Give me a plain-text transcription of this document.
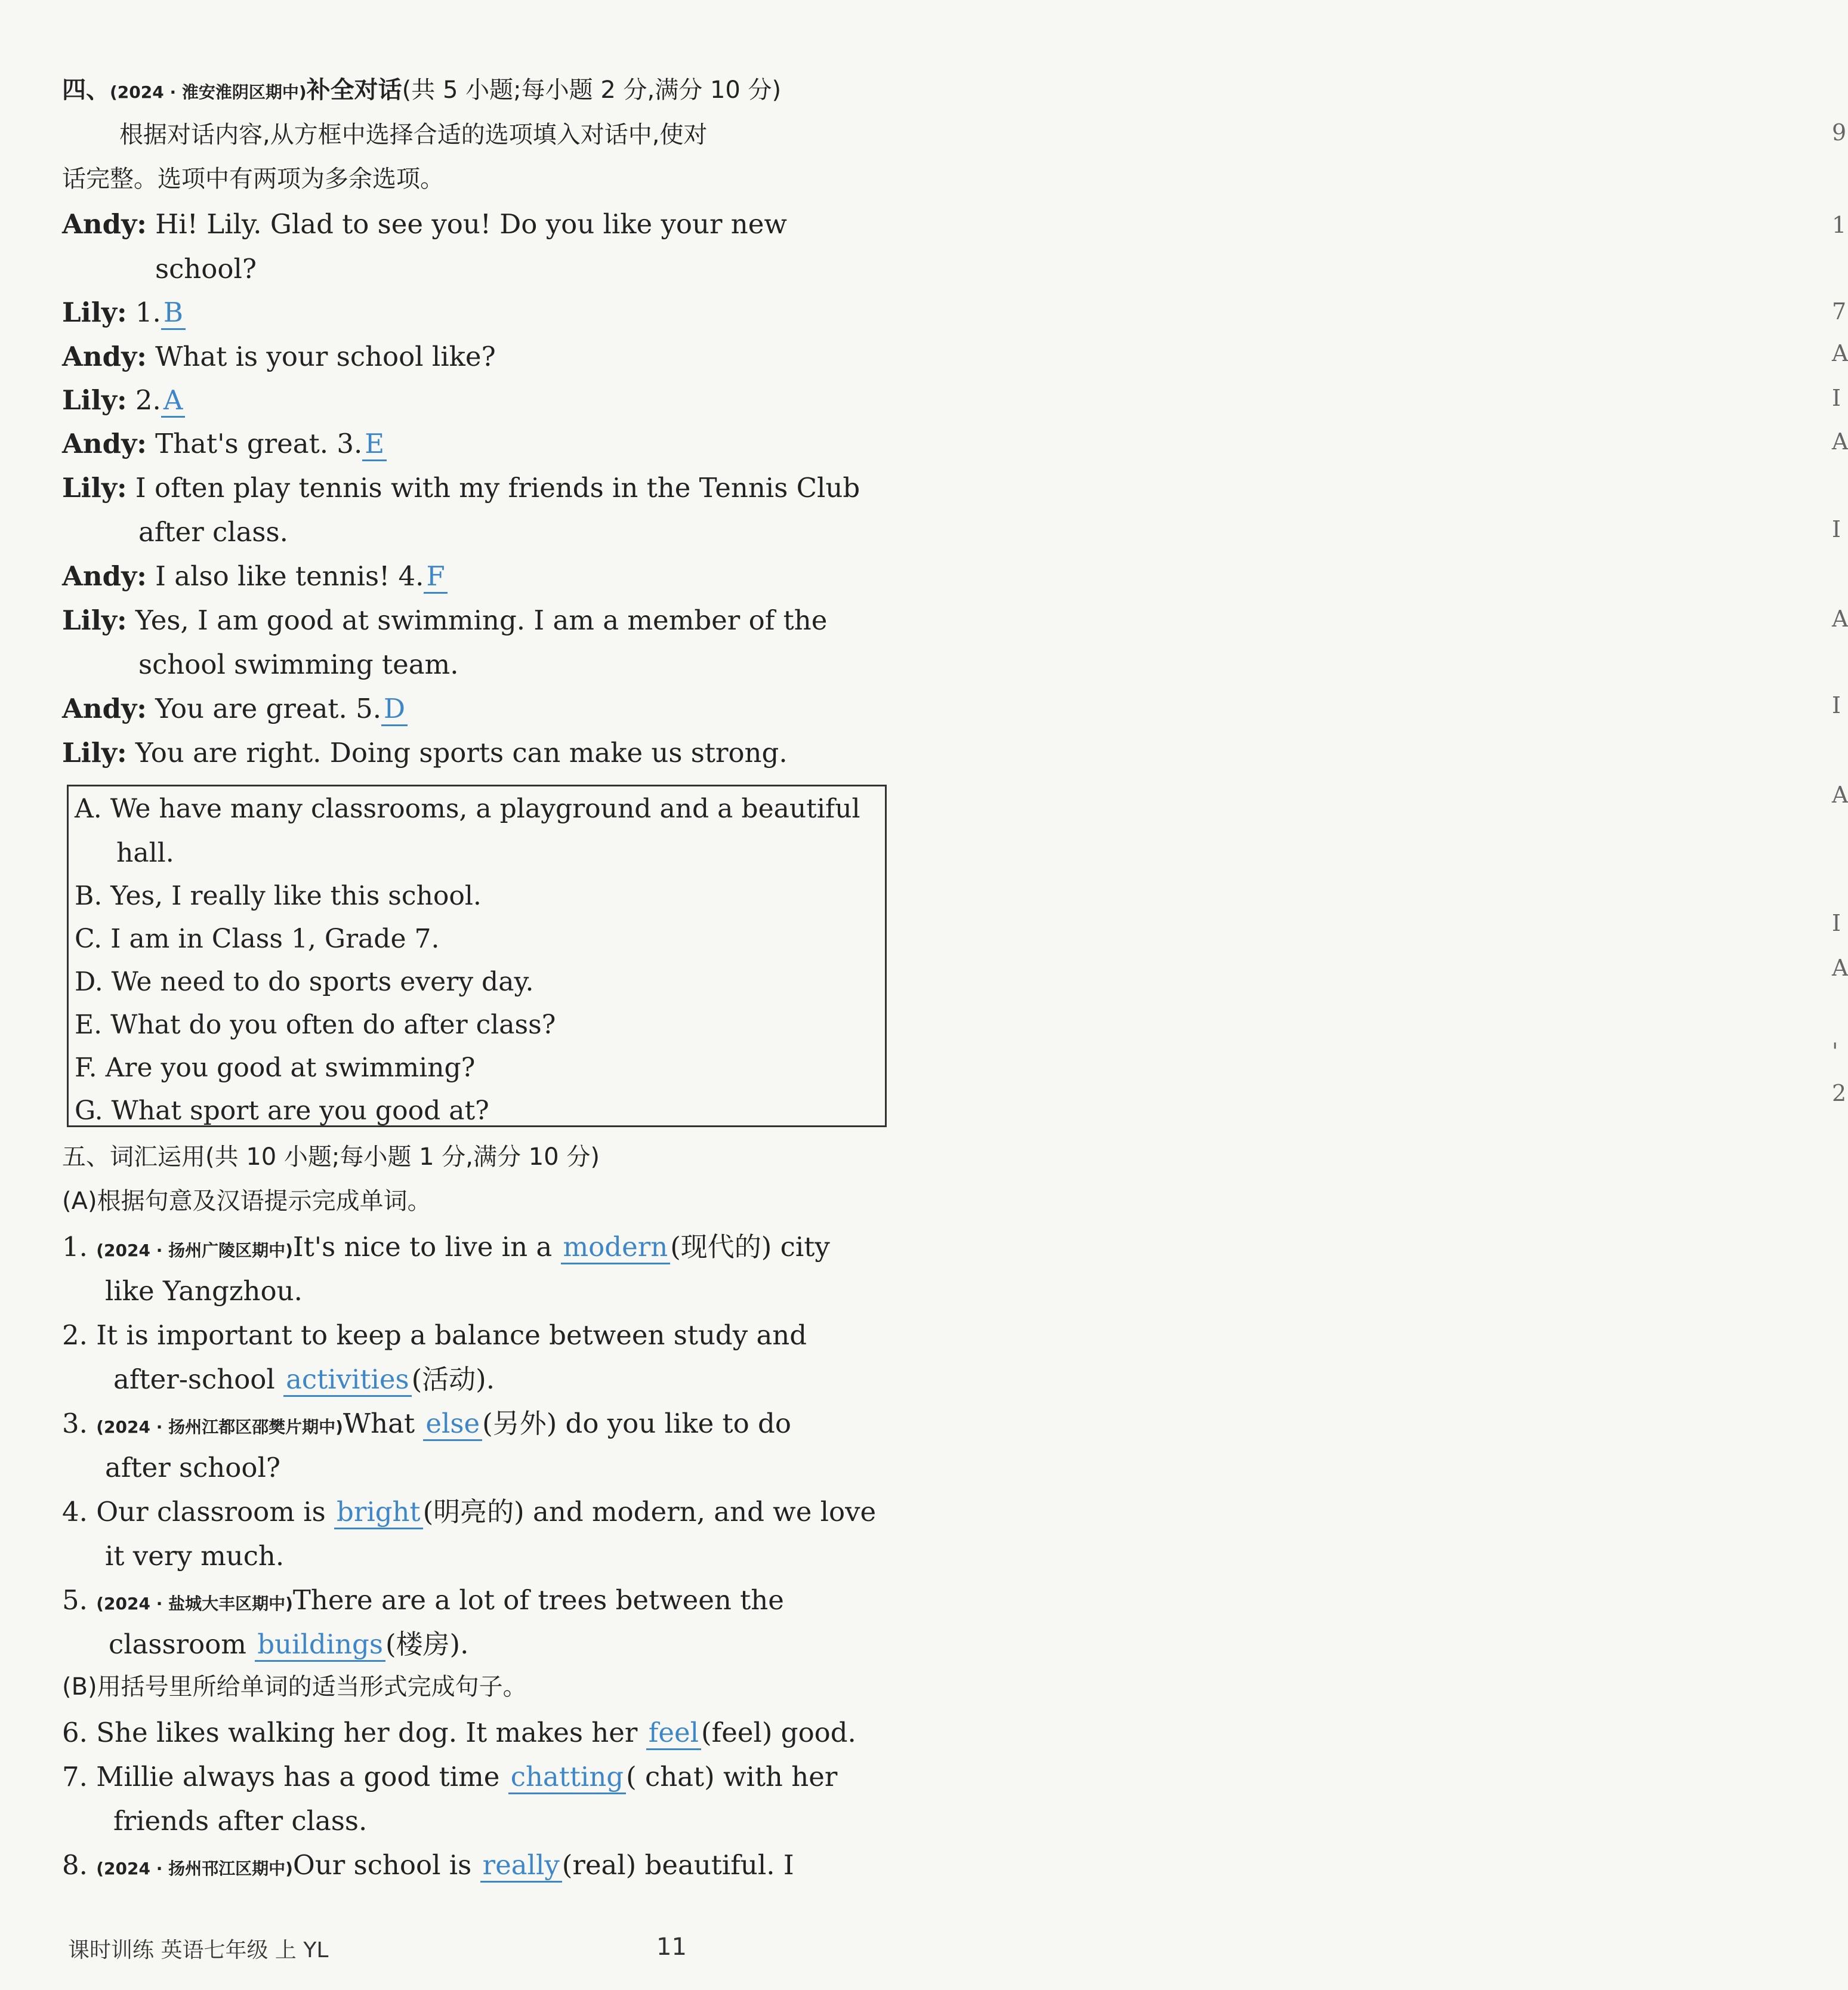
四、(2024 · 淮安淮阴区期中)补全对话(共 5 小题;每小题 2 分,满分 10 分)
根据对话内容,从方框中选择合适的选项填入对话中,使对
话完整。选项中有两项为多余选项。
Andy: Hi! Lily. Glad to see you! Do you like your new
school?
Lily: 1.B
Andy: What is your school like?
Lily: 2.A
Andy: That's great. 3.E
Lily: I often play tennis with my friends in the Tennis Club
after class.
Andy: I also like tennis! 4.F
Lily: Yes, I am good at swimming. I am a member of the
school swimming team.
Andy: You are great. 5.D
Lily: You are right. Doing sports can make us strong.
A. We have many classrooms, a playground and a beautiful
hall.
B. Yes, I really like this school.
C. I am in Class 1, Grade 7.
D. We need to do sports every day.
E. What do you often do after class?
F. Are you good at swimming?
G. What sport are you good at?
五、词汇运用(共 10 小题;每小题 1 分,满分 10 分)
(A)根据句意及汉语提示完成单词。
1. (2024 · 扬州广陵区期中)It's nice to live in a modern(现代的) city
like Yangzhou.
2. It is important to keep a balance between study and
after-school activities(活动).
3. (2024 · 扬州江都区邵樊片期中)What else(另外) do you like to do
after school?
4. Our classroom is bright(明亮的) and modern, and we love
it very much.
5. (2024 · 盐城大丰区期中)There are a lot of trees between the
classroom buildings(楼房).
(B)用括号里所给单词的适当形式完成句子。
6. She likes walking her dog. It makes her feel(feel) good.
7. Millie always has a good time chatting( chat) with her
friends after class.
8. (2024 · 扬州邗江区期中)Our school is really(real) beautiful. I
课时训练 英语七年级 上 YL	11
9
1
7
A
I
A
I
A
I
A
I
A
'
2
